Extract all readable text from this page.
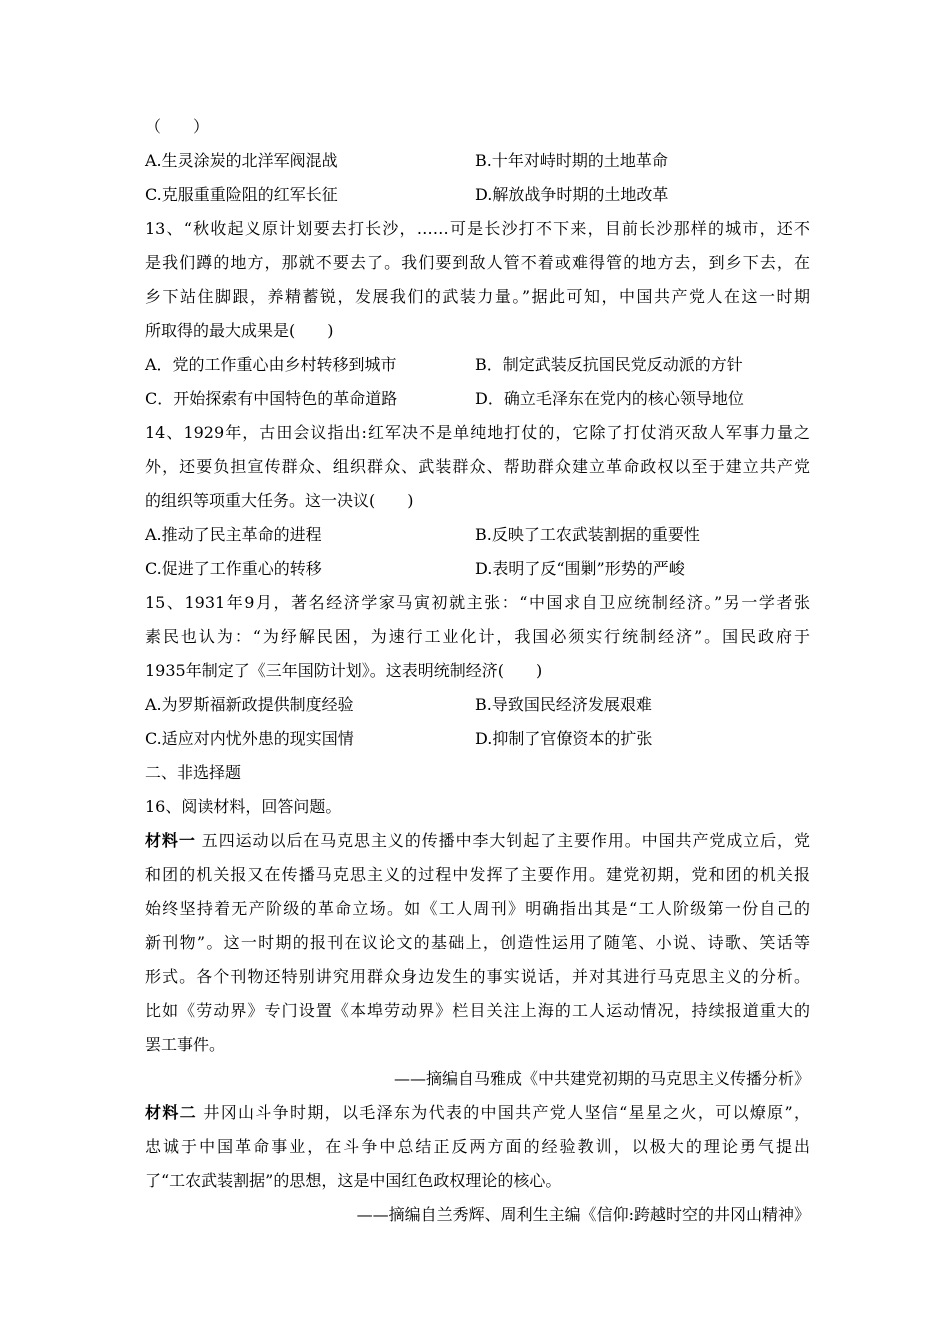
（　　）
A.生灵涂炭的北洋军阀混战	B.十年对峙时期的土地革命
C.克服重重险阻的红军长征	D.解放战争时期的土地改革
13、“秋收起义原计划要去打长沙，……可是长沙打不下来，目前长沙那样的城市，还不
是我们蹲的地方，那就不要去了。我们要到敌人管不着或难得管的地方去，到乡下去，在
乡下站住脚跟，养精蓄锐，发展我们的武装力量。”据此可知，中国共产党人在这一时期
所取得的最大成果是(　　)
A．党的工作重心由乡村转移到城市	B．制定武装反抗国民党反动派的方针
C．开始探索有中国特色的革命道路	D．确立毛泽东在党内的核心领导地位
14、1929年，古田会议指出:红军决不是单纯地打仗的，它除了打仗消灭敌人军事力量之
外，还要负担宣传群众、组织群众、武装群众、帮助群众建立革命政权以至于建立共产党
的组织等项重大任务。这一决议(　　)
A.推动了民主革命的进程	B.反映了工农武装割据的重要性
C.促进了工作重心的转移	D.表明了反“围剿”形势的严峻
15、1931年9月，著名经济学家马寅初就主张：“中国求自卫应统制经济。”另一学者张
素民也认为：“为纾解民困，为速行工业化计，我国必须实行统制经济”。国民政府于
1935年制定了《三年国防计划》。这表明统制经济(　　)
A.为罗斯福新政提供制度经验	B.导致国民经济发展艰难
C.适应对内忧外患的现实国情	D.抑制了官僚资本的扩张
二、非选择题
16、阅读材料，回答问题。
材料一 五四运动以后在马克思主义的传播中李大钊起了主要作用。中国共产党成立后，党
和团的机关报又在传播马克思主义的过程中发挥了主要作用。建党初期，党和团的机关报
始终坚持着无产阶级的革命立场。如《工人周刊》明确指出其是“工人阶级第一份自己的
新刊物”。这一时期的报刊在议论文的基础上，创造性运用了随笔、小说、诗歌、笑话等
形式。各个刊物还特别讲究用群众身边发生的事实说话，并对其进行马克思主义的分析。
比如《劳动界》专门设置《本埠劳动界》栏目关注上海的工人运动情况，持续报道重大的
罢工事件。
——摘编自马雅成《中共建党初期的马克思主义传播分析》
材料二 井冈山斗争时期，以毛泽东为代表的中国共产党人坚信“星星之火，可以燎原”，
忠诚于中国革命事业，在斗争中总结正反两方面的经验教训，以极大的理论勇气提出
了“工农武装割据”的思想，这是中国红色政权理论的核心。
——摘编自兰秀辉、周利生主编《信仰:跨越时空的井冈山精神》
